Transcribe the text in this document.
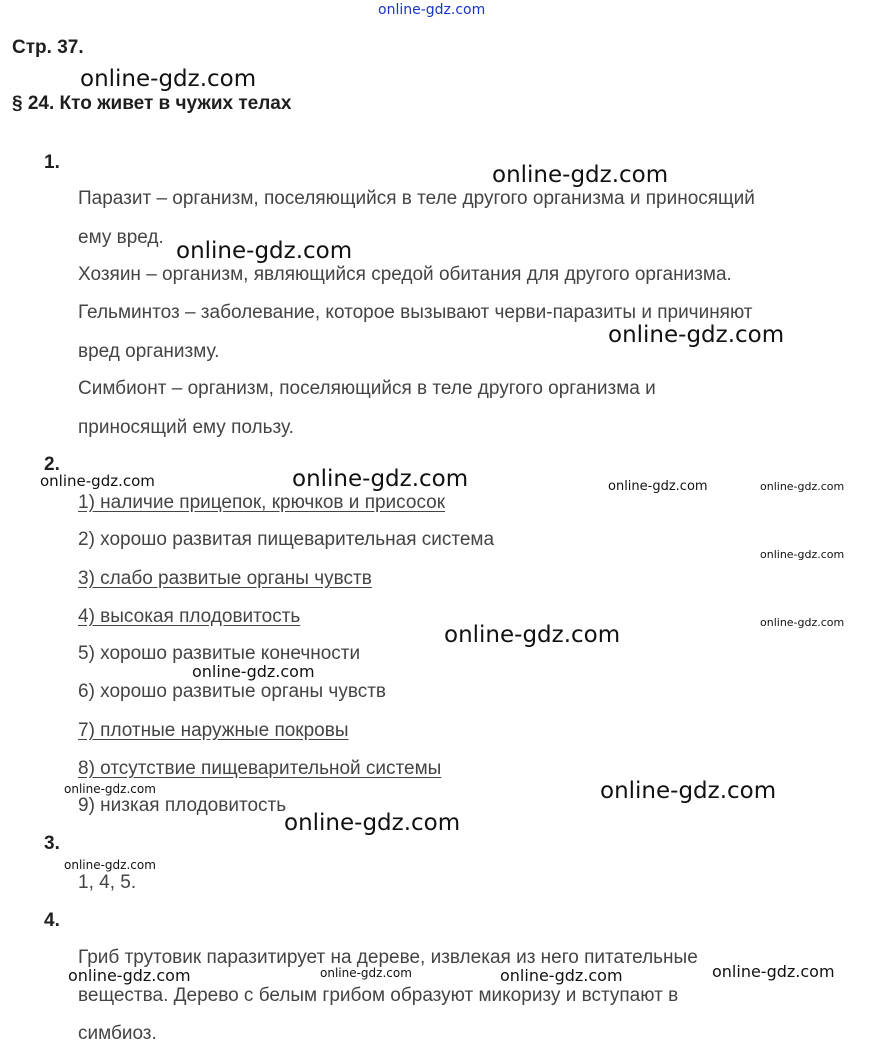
online-gdz.com
Стр. 37.
§ 24. Кто живет в чужих телах
1.
Паразит – организм, поселяющийся в теле другого организма и приносящий
ему вред.
Хозяин – организм, являющийся средой обитания для другого организма.
Гельминтоз – заболевание, которое вызывают черви-паразиты и причиняют
вред организму.
Симбионт – организм, поселяющийся в теле другого организма и
приносящий ему пользу.
2.
1) наличие прицепок, крючков и присосок
2) хорошо развитая пищеварительная система
3) слабо развитые органы чувств
4) высокая плодовитость
5) хорошо развитые конечности
6) хорошо развитые органы чувств
7) плотные наружные покровы
8) отсутствие пищеварительной системы
9) низкая плодовитость
3.
1, 4, 5.
4.
Гриб трутовик паразитирует на дереве, извлекая из него питательные
вещества. Дерево с белым грибом образуют микоризу и вступают в
симбиоз.
online-gdz.com
online-gdz.com
online-gdz.com
online-gdz.com
online-gdz.com
online-gdz.com	online-gdz.com	online-gdz.com
online-gdz.com
online-gdz.com
online-gdz.com
online-gdz.com
online-gdz.com	online-gdz.com
online-gdz.com
online-gdz.com
online-gdz.com	online-gdz.com	online-gdz.com	online-gdz.com
